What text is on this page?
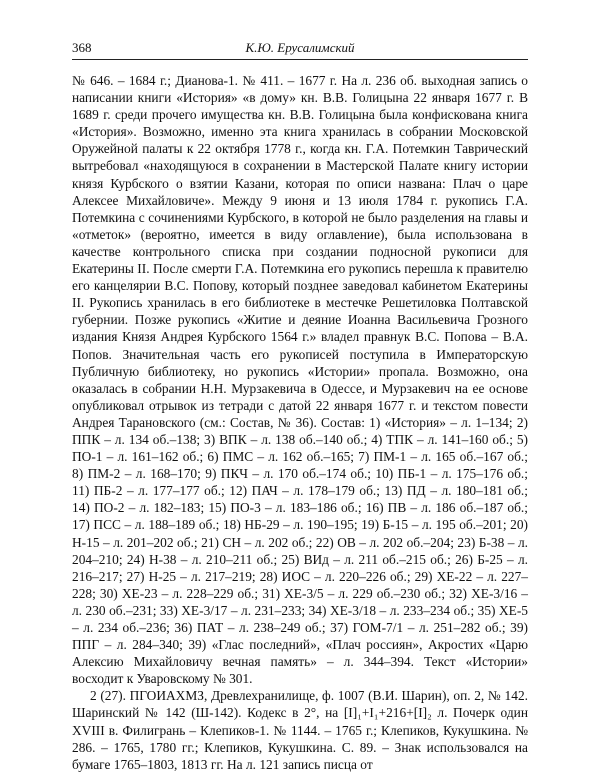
368	К.Ю. Ерусалимский

№ 646. – 1684 г.; Дианова-1. № 411. – 1677 г. На л. 236 об. выходная запись о написании книги «История» «в дому» кн. В.В. Голицына 22 января 1677 г. В 1689 г. среди прочего имущества кн. В.В. Голицына была конфискована книга «История». Возможно, именно эта книга хранилась в собрании Московской Оружейной палаты к 22 октября 1778 г., когда кн. Г.А. Потемкин Таврический вытребовал «находящуюся в сохранении в Мастерской Палате книгу истории князя Курбского о взятии Казани, которая по описи названа: Плач о царе Алексее Михайловиче». Между 9 июня и 13 июля 1784 г. рукопись Г.А. Потемкина с сочинениями Курбского, в которой не было разделения на главы и «отметок» (вероятно, имеется в виду оглавление), была использована в качестве контрольного списка при создании подносной рукописи для Екатерины II. После смерти Г.А. Потемкина его рукопись перешла к правителю его канцелярии В.С. Попову, который позднее заведовал кабинетом Екатерины II. Рукопись хранилась в его библиотеке в местечке Решетиловка Полтавской губернии. Позже рукопись «Житие и деяние Иоанна Васильевича Грозного издания Князя Андрея Курбского 1564 г.» владел правнук В.С. Попова – В.А. Попов. Значительная часть его рукописей поступила в Императорскую Публичную библиотеку, но рукопись «Истории» пропала. Возможно, она оказалась в собрании Н.Н. Мурзакевича в Одессе, и Мурзакевич на ее основе опубликовал отрывок из тетради с датой 22 января 1677 г. и текстом повести Андрея Тарановского (см.: Состав, № 36). Состав: 1) «История» – л. 1–134; 2) ППК – л. 134 об.–138; 3) ВПК – л. 138 об.–140 об.; 4) ТПК – л. 141–160 об.; 5) ПО-1 – л. 161–162 об.; 6) ПМС – л. 162 об.–165; 7) ПМ-1 – л. 165 об.–167 об.; 8) ПМ-2 – л. 168–170; 9) ПКЧ – л. 170 об.–174 об.; 10) ПБ-1 – л. 175–176 об.; 11) ПБ-2 – л. 177–177 об.; 12) ПАЧ – л. 178–179 об.; 13) ПД – л. 180–181 об.; 14) ПО-2 – л. 182–183; 15) ПО-3 – л. 183–186 об.; 16) ПВ – л. 186 об.–187 об.; 17) ПСС – л. 188–189 об.; 18) НБ-29 – л. 190–195; 19) Б-15 – л. 195 об.–201; 20) Н-15 – л. 201–202 об.; 21) СН – л. 202 об.; 22) ОВ – л. 202 об.–204; 23) Б-38 – л. 204–210; 24) Н-38 – л. 210–211 об.; 25) ВИд – л. 211 об.–215 об.; 26) Б-25 – л. 216–217; 27) Н-25 – л. 217–219; 28) ИОС – л. 220–226 об.; 29) ХЕ-22 – л. 227–228; 30) ХЕ-23 – л. 228–229 об.; 31) ХЕ-3/5 – л. 229 об.–230 об.; 32) ХЕ-3/16 – л. 230 об.–231; 33) ХЕ-3/17 – л. 231–233; 34) ХЕ-3/18 – л. 233–234 об.; 35) ХЕ-5 – л. 234 об.–236; 36) ПАТ – л. 238–249 об.; 37) ГОМ-7/1 – л. 251–282 об.; 39) ППГ – л. 284–340; 39) «Глас последний», «Плач россиян», Акростих «Царю Алексию Михайловичу вечная память» – л. 344–394. Текст «Истории» восходит к Уваровскому № 301.

2 (27). ПГОИАХМЗ, Древлехранилище, ф. 1007 (В.И. Шарин), оп. 2, № 142. Шаринский № 142 (Ш-142). Кодекс в 2°, на [I]₁+I₁+216+[I]₂ л. Почерк один XVIII в. Филигрань – Клепиков-1. № 1144. – 1765 г.; Клепиков, Кукушкина. № 286. – 1765, 1780 гг.; Клепиков, Кукушкина. С. 89. – Знак использовался на бумаге 1765–1803, 1813 гг. На л. 121 запись писца от
